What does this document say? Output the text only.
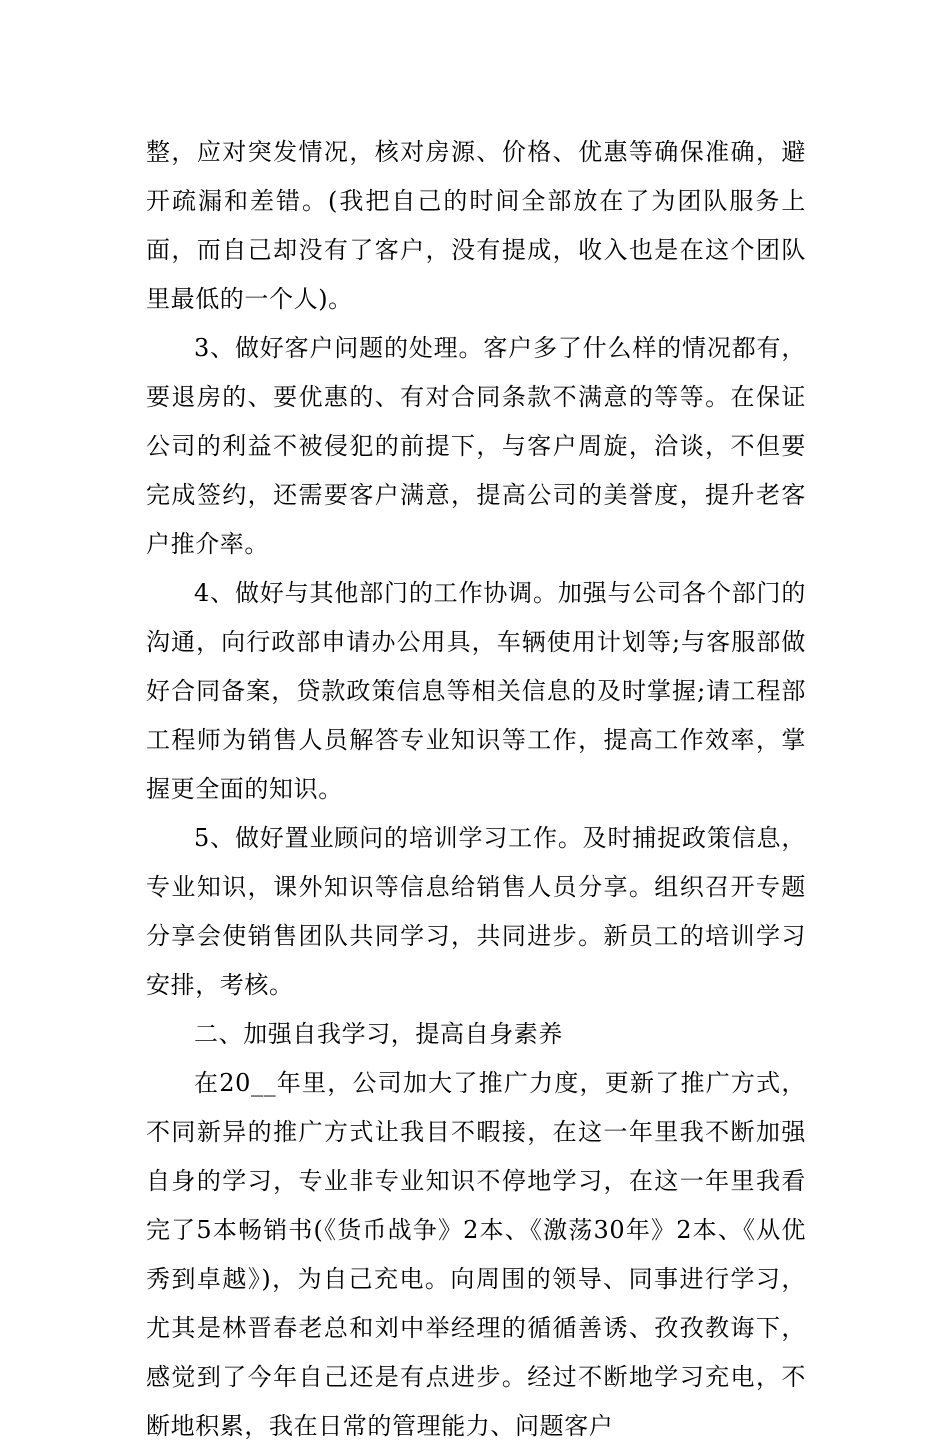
整，应对突发情况，核对房源、价格、优惠等确保准确，避开疏漏和差错。(我把自己的时间全部放在了为团队服务上面，而自己却没有了客户，没有提成，收入也是在这个团队里最低的一个人)。

3、做好客户问题的处理。客户多了什么样的情况都有，要退房的、要优惠的、有对合同条款不满意的等等。在保证公司的利益不被侵犯的前提下，与客户周旋，洽谈，不但要完成签约，还需要客户满意，提高公司的美誉度，提升老客户推介率。

4、做好与其他部门的工作协调。加强与公司各个部门的沟通，向行政部申请办公用具，车辆使用计划等;与客服部做好合同备案，贷款政策信息等相关信息的及时掌握;请工程部工程师为销售人员解答专业知识等工作，提高工作效率，掌握更全面的知识。

5、做好置业顾问的培训学习工作。及时捕捉政策信息，专业知识，课外知识等信息给销售人员分享。组织召开专题分享会使销售团队共同学习，共同进步。新员工的培训学习安排，考核。

二、加强自我学习，提高自身素养

在20__年里，公司加大了推广力度，更新了推广方式，不同新异的推广方式让我目不暇接，在这一年里我不断加强自身的学习，专业非专业知识不停地学习，在这一年里我看完了5本畅销书(《货币战争》2本、《激荡30年》2本、《从优秀到卓越》)，为自己充电。向周围的领导、同事进行学习，尤其是林晋春老总和刘中举经理的循循善诱、孜孜教诲下，感觉到了今年自己还是有点进步。经过不断地学习充电，不断地积累，我在日常的管理能力、问题客户
